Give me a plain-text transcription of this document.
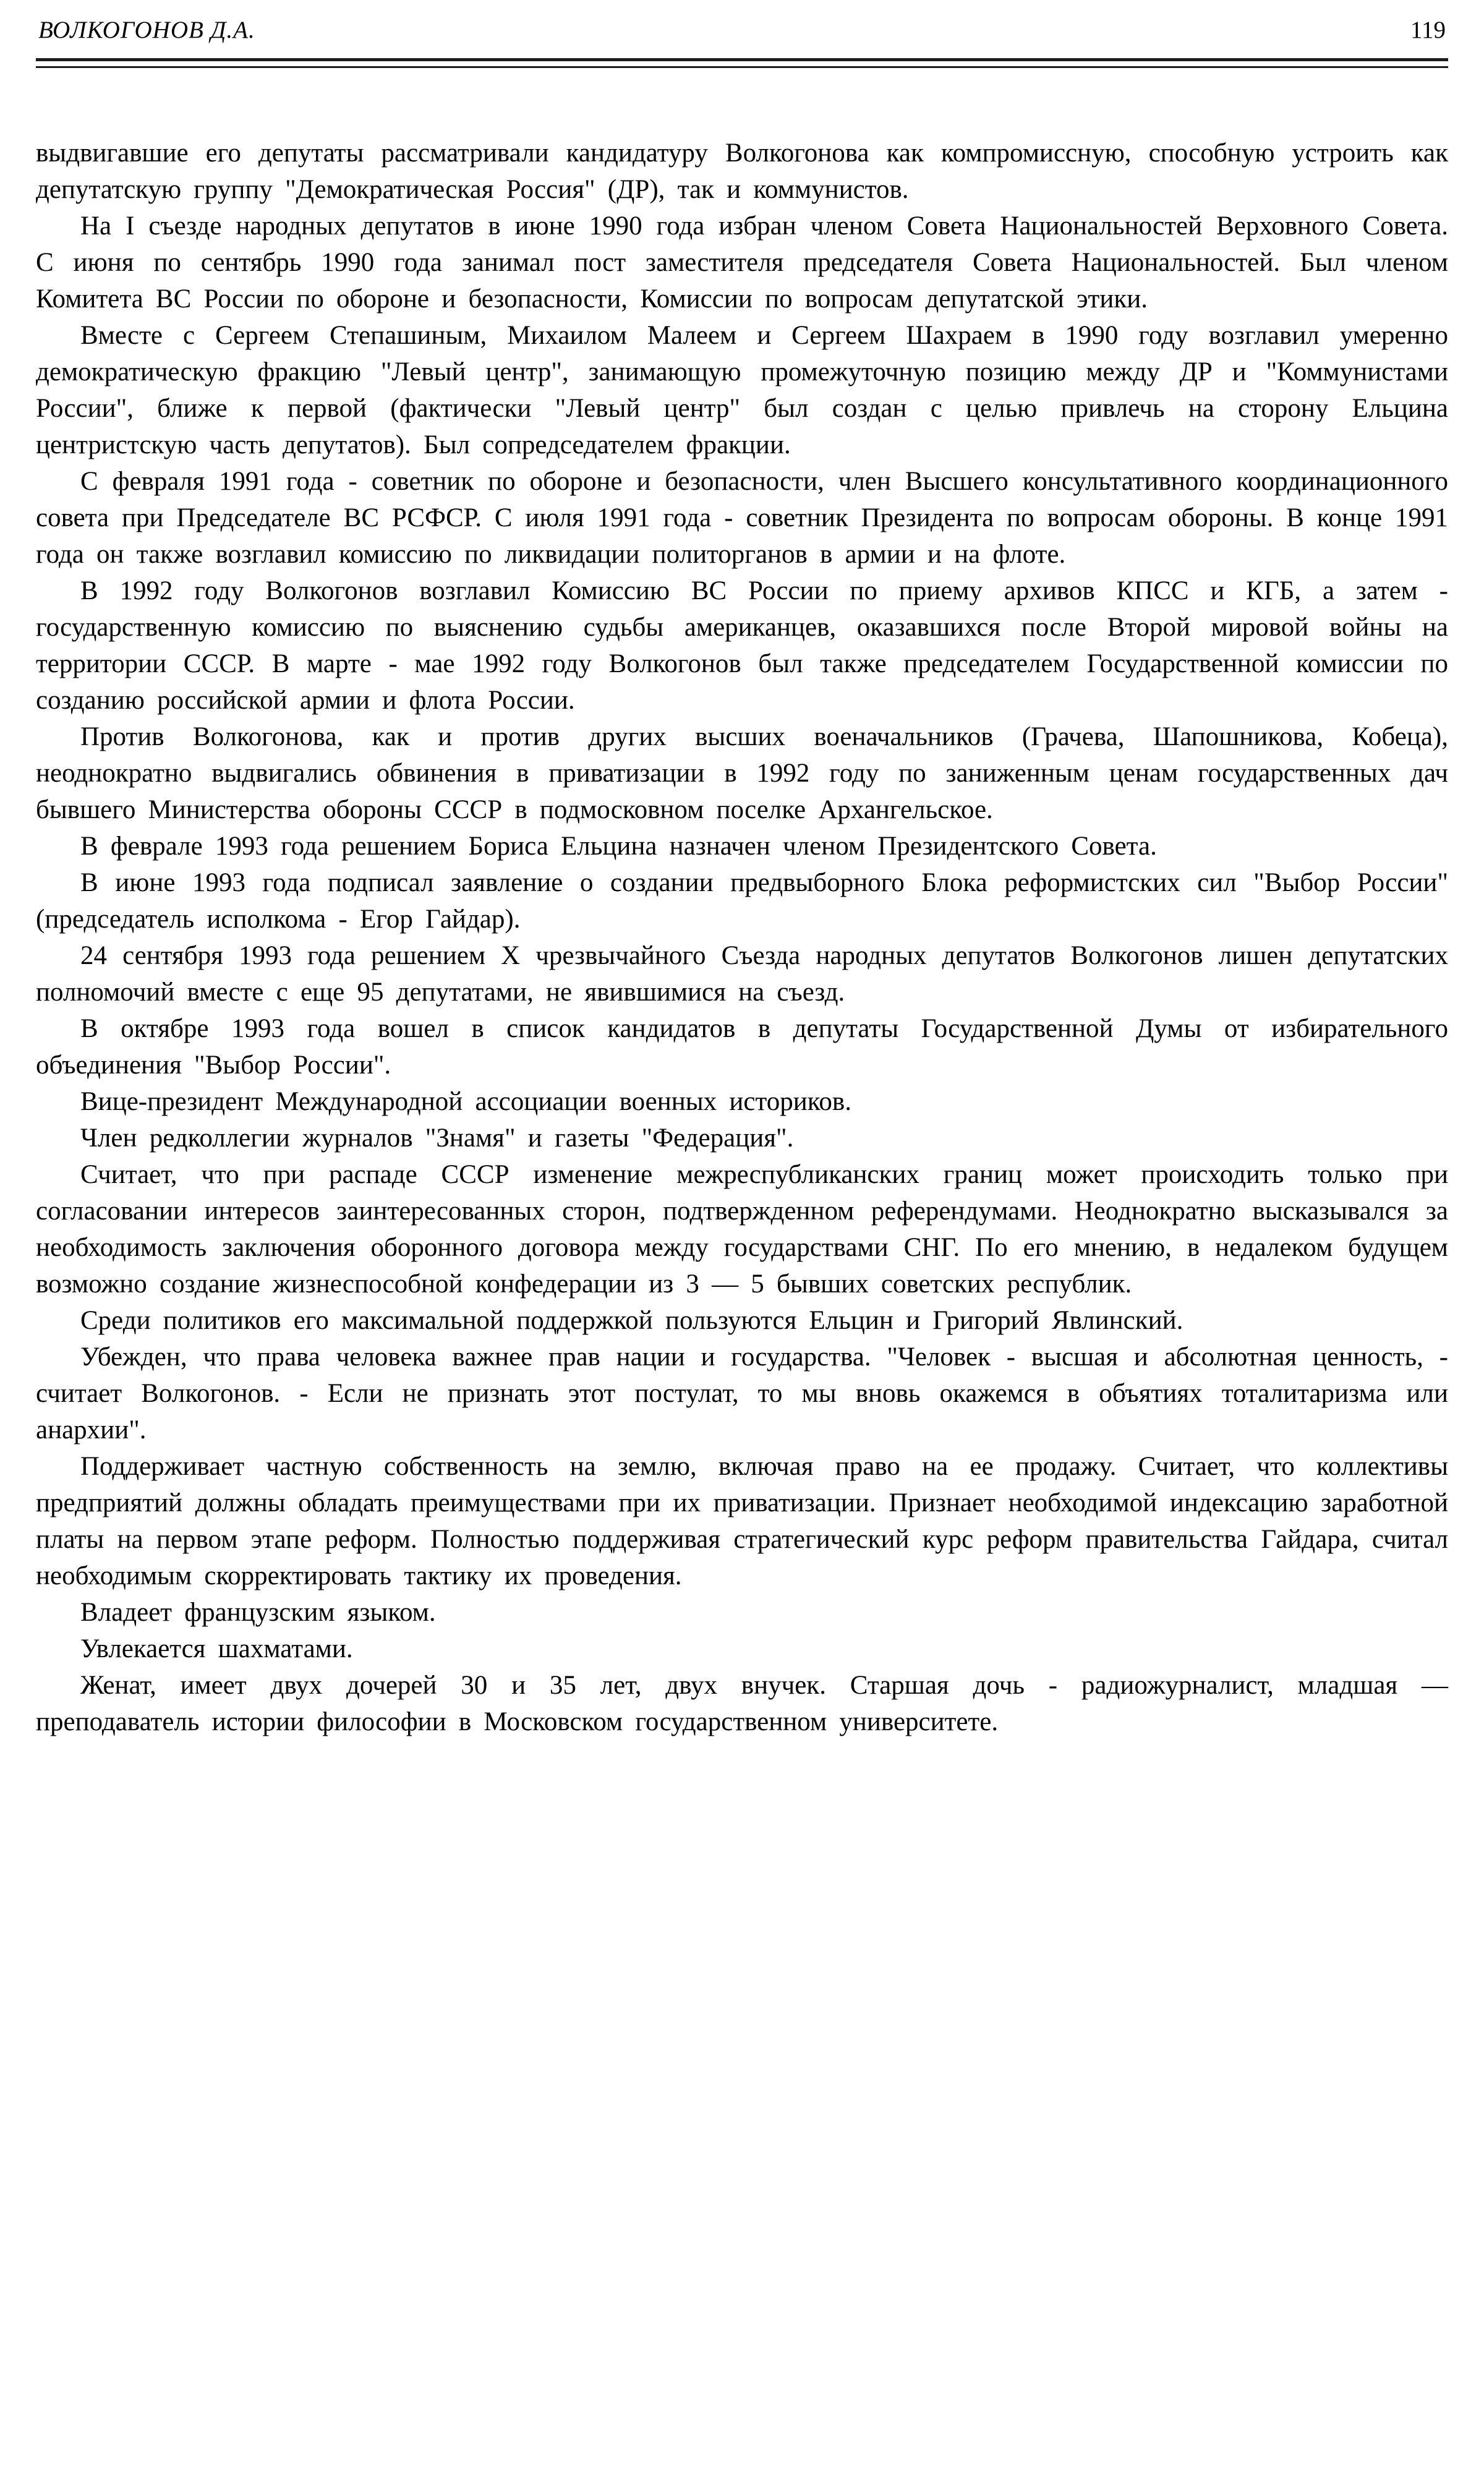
ВОЛКОГОНОВ Д.А.	119

выдвигавшие его депутаты рассматривали кандидатуру Волкогонова как компромиссную, способную устроить как депутатскую группу "Демократическая Россия" (ДР), так и коммунистов.

На I съезде народных депутатов в июне 1990 года избран членом Совета Национальностей Верховного Совета. С июня по сентябрь 1990 года занимал пост заместителя председателя Совета Национальностей. Был членом Комитета ВС России по обороне и безопасности, Комиссии по вопросам депутатской этики.

Вместе с Сергеем Степашиным, Михаилом Малеем и Сергеем Шахраем в 1990 году возглавил умеренно демократическую фракцию "Левый центр", занимающую промежуточную позицию между ДР и "Коммунистами России", ближе к первой (фактически "Левый центр" был создан с целью привлечь на сторону Ельцина центристскую часть депутатов). Был сопредседателем фракции.

С февраля 1991 года - советник по обороне и безопасности, член Высшего консультативного координационного совета при Председателе ВС РСФСР. С июля 1991 года - советник Президента по вопросам обороны. В конце 1991 года он также возглавил комиссию по ликвидации политорганов в армии и на флоте.

В 1992 году Волкогонов возглавил Комиссию ВС России по приему архивов КПСС и КГБ, а затем - государственную комиссию по выяснению судьбы американцев, оказавшихся после Второй мировой войны на территории СССР. В марте - мае 1992 году Волкогонов был также председателем Государственной комиссии по созданию российской армии и флота России.

Против Волкогонова, как и против других высших военачальников (Грачева, Шапошникова, Кобеца), неоднократно выдвигались обвинения в приватизации в 1992 году по заниженным ценам государственных дач бывшего Министерства обороны СССР в подмосковном поселке Архангельское.

В феврале 1993 года решением Бориса Ельцина назначен членом Президентского Совета.

В июне 1993 года подписал заявление о создании предвыборного Блока реформистских сил "Выбор России" (председатель исполкома - Егор Гайдар).

24 сентября 1993 года решением X чрезвычайного Съезда народных депутатов Волкогонов лишен депутатских полномочий вместе с еще 95 депутатами, не явившимися на съезд.

В октябре 1993 года вошел в список кандидатов в депутаты Государственной Думы от избирательного объединения "Выбор России".

Вице-президент Международной ассоциации военных историков.

Член редколлегии журналов "Знамя" и газеты "Федерация".

Считает, что при распаде СССР изменение межреспубликанских границ может происходить только при согласовании интересов заинтересованных сторон, подтвержденном референдумами. Неоднократно высказывался за необходимость заключения оборонного договора между государствами СНГ. По его мнению, в недалеком будущем возможно создание жизнеспособной конфедерации из 3 — 5 бывших советских республик.

Среди политиков его максимальной поддержкой пользуются Ельцин и Григорий Явлинский.

Убежден, что права человека важнее прав нации и государства. "Человек - высшая и абсолютная ценность, - считает Волкогонов. - Если не признать этот постулат, то мы вновь окажемся в объятиях тоталитаризма или анархии".

Поддерживает частную собственность на землю, включая право на ее продажу. Считает, что коллективы предприятий должны обладать преимуществами при их приватизации. Признает необходимой индексацию заработной платы на первом этапе реформ. Полностью поддерживая стратегический курс реформ правительства Гайдара, считал необходимым скорректировать тактику их проведения.

Владеет французским языком.

Увлекается шахматами.

Женат, имеет двух дочерей 30 и 35 лет, двух внучек. Старшая дочь - радиожурналист, младшая — преподаватель истории философии в Московском государственном университете.
